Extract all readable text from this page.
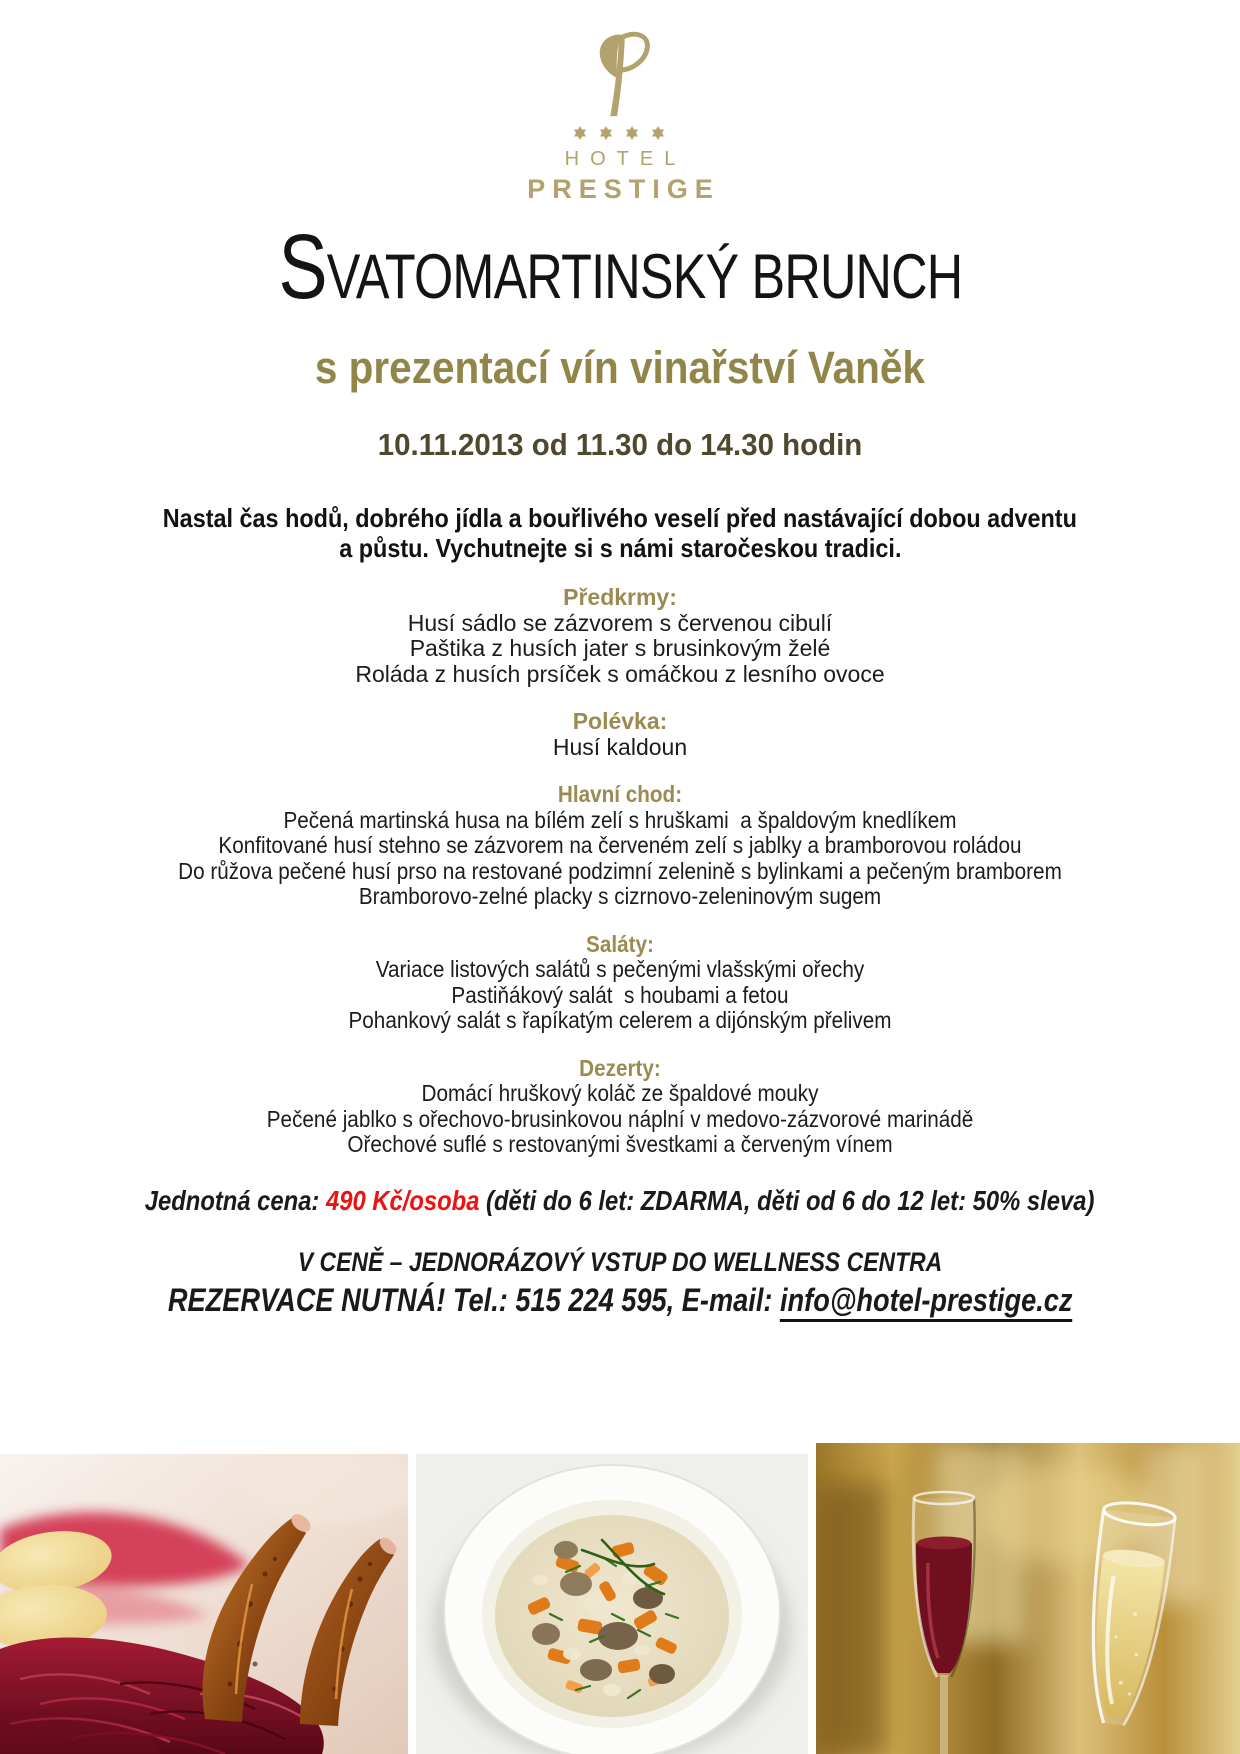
HOTEL
PRESTIGE
SVATOMARTINSKÝ BRUNCH
s prezentací vín vinařství Vaněk
10.11.2013 od 11.30 do 14.30 hodin
Nastal čas hodů, dobrého jídla a bouřlivého veselí před nastávající dobou adventu
a půstu. Vychutnejte si s námi staročeskou tradici.
Předkrmy:
Husí sádlo se zázvorem s červenou cibulí
Paštika z husích jater s brusinkovým želé
Roláda z husích prsíček s omáčkou z lesního ovoce
Polévka:
Husí kaldoun
Hlavní chod:
Pečená martinská husa na bílém zelí s hruškami  a špaldovým knedlíkem
Konfitované husí stehno se zázvorem na červeném zelí s jablky a bramborovou roládou
Do růžova pečené husí prso na restované podzimní zelenině s bylinkami a pečeným bramborem
Bramborovo-zelné placky s cizrnovo-zeleninovým sugem
Saláty:
Variace listových salátů s pečenými vlašskými ořechy
Pastiňákový salát  s houbami a fetou
Pohankový salát s řapíkatým celerem a dijónským přelivem
Dezerty:
Domácí hruškový koláč ze špaldové mouky
Pečené jablko s ořechovo-brusinkovou náplní v medovo-zázvorové marinádě
Ořechové suflé s restovanými švestkami a červeným vínem
Jednotná cena: 490 Kč/osoba (děti do 6 let: ZDARMA, děti od 6 do 12 let: 50% sleva)
V CENĚ – JEDNORÁZOVÝ VSTUP DO WELLNESS CENTRA
REZERVACE NUTNÁ! Tel.: 515 224 595, E-mail: info@hotel-prestige.cz
